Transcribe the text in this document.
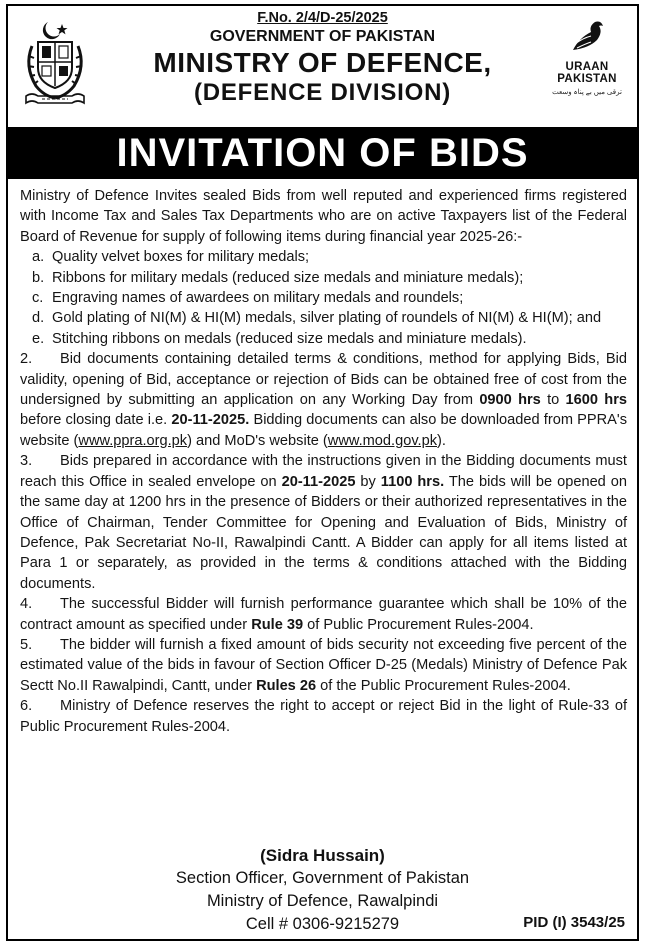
F.No. 2/4/D-25/2025
GOVERNMENT OF PAKISTAN
MINISTRY OF DEFENCE,
(DEFENCE DIVISION)
URAAN
PAKISTAN
ترقی میں بے پناہ وسعت
INVITATION OF BIDS

Ministry of Defence Invites sealed Bids from well reputed and experienced firms registered with Income Tax and Sales Tax Departments who are on active Taxpayers list of the Federal Board of Revenue for supply of following items during financial year 2025-26:-

a. Quality velvet boxes for military medals;
b. Ribbons for military medals (reduced size medals and miniature medals);
c. Engraving names of awardees on military medals and roundels;
d. Gold plating of NI(M) & HI(M) medals, silver plating of roundels of NI(M) & HI(M); and
e. Stitching ribbons on medals (reduced size medals and miniature medals).

2. Bid documents containing detailed terms & conditions, method for applying Bids, Bid validity, opening of Bid, acceptance or rejection of Bids can be obtained free of cost from the undersigned by submitting an application on any Working Day from 0900 hrs to 1600 hrs before closing date i.e. 20-11-2025. Bidding documents can also be downloaded from PPRA's website (www.ppra.org.pk) and MoD's website (www.mod.gov.pk).

3. Bids prepared in accordance with the instructions given in the Bidding documents must reach this Office in sealed envelope on 20-11-2025 by 1100 hrs. The bids will be opened on the same day at 1200 hrs in the presence of Bidders or their authorized representatives in the Office of Chairman, Tender Committee for Opening and Evaluation of Bids, Ministry of Defence, Pak Secretariat No-II, Rawalpindi Cantt. A Bidder can apply for all items listed at Para 1 or separately, as provided in the terms & conditions attached with the Bidding documents.

4. The successful Bidder will furnish performance guarantee which shall be 10% of the contract amount as specified under Rule 39 of Public Procurement Rules-2004.

5. The bidder will furnish a fixed amount of bids security not exceeding five percent of the estimated value of the bids in favour of Section Officer D-25 (Medals) Ministry of Defence Pak Sectt No.II Rawalpindi, Cantt, under Rules 26 of the Public Procurement Rules-2004.

6. Ministry of Defence reserves the right to accept or reject Bid in the light of Rule-33 of Public Procurement Rules-2004.

(Sidra Hussain)
Section Officer, Government of Pakistan
Ministry of Defence, Rawalpindi
Cell # 0306-9215279	PID (I) 3543/25
